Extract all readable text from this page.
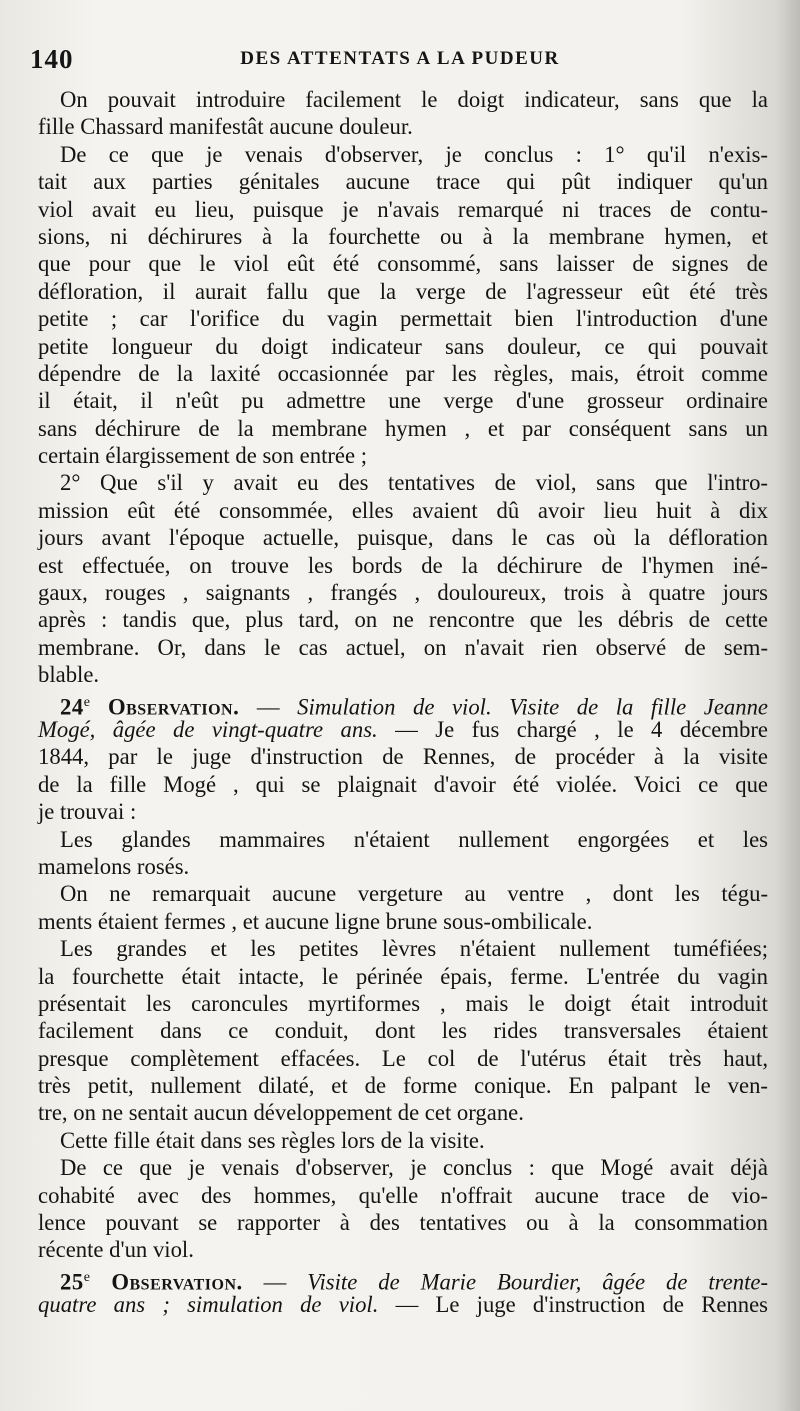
140	DES ATTENTATS A LA PUDEUR
On pouvait introduire facilement le doigt indicateur, sans que la
fille Chassard manifestât aucune douleur.
De ce que je venais d'observer, je conclus : 1° qu'il n'exis-
tait aux parties génitales aucune trace qui pût indiquer qu'un
viol avait eu lieu, puisque je n'avais remarqué ni traces de contu-
sions, ni déchirures à la fourchette ou à la membrane hymen, et
que pour que le viol eût été consommé, sans laisser de signes de
défloration, il aurait fallu que la verge de l'agresseur eût été très
petite ; car l'orifice du vagin permettait bien l'introduction d'une
petite longueur du doigt indicateur sans douleur, ce qui pouvait
dépendre de la laxité occasionnée par les règles, mais, étroit comme
il était, il n'eût pu admettre une verge d'une grosseur ordinaire
sans déchirure de la membrane hymen , et par conséquent sans un
certain élargissement de son entrée ;
2° Que s'il y avait eu des tentatives de viol, sans que l'intro-
mission eût été consommée, elles avaient dû avoir lieu huit à dix
jours avant l'époque actuelle, puisque, dans le cas où la défloration
est effectuée, on trouve les bords de la déchirure de l'hymen iné-
gaux, rouges , saignants , frangés , douloureux, trois à quatre jours
après : tandis que, plus tard, on ne rencontre que les débris de cette
membrane. Or, dans le cas actuel, on n'avait rien observé de sem-
blable.
24e Observation. — Simulation de viol. Visite de la fille Jeanne
Mogé, âgée de vingt-quatre ans. — Je fus chargé , le 4 décembre
1844, par le juge d'instruction de Rennes, de procéder à la visite
de la fille Mogé , qui se plaignait d'avoir été violée. Voici ce que
je trouvai :
Les glandes mammaires n'étaient nullement engorgées et les
mamelons rosés.
On ne remarquait aucune vergeture au ventre , dont les tégu-
ments étaient fermes , et aucune ligne brune sous-ombilicale.
Les grandes et les petites lèvres n'étaient nullement tuméfiées;
la fourchette était intacte, le périnée épais, ferme. L'entrée du vagin
présentait les caroncules myrtiformes , mais le doigt était introduit
facilement dans ce conduit, dont les rides transversales étaient
presque complètement effacées. Le col de l'utérus était très haut,
très petit, nullement dilaté, et de forme conique. En palpant le ven-
tre, on ne sentait aucun développement de cet organe.
Cette fille était dans ses règles lors de la visite.
De ce que je venais d'observer, je conclus : que Mogé avait déjà
cohabité avec des hommes, qu'elle n'offrait aucune trace de vio-
lence pouvant se rapporter à des tentatives ou à la consommation
récente d'un viol.
25e Observation. — Visite de Marie Bourdier, âgée de trente-
quatre ans ; simulation de viol. — Le juge d'instruction de Rennes
